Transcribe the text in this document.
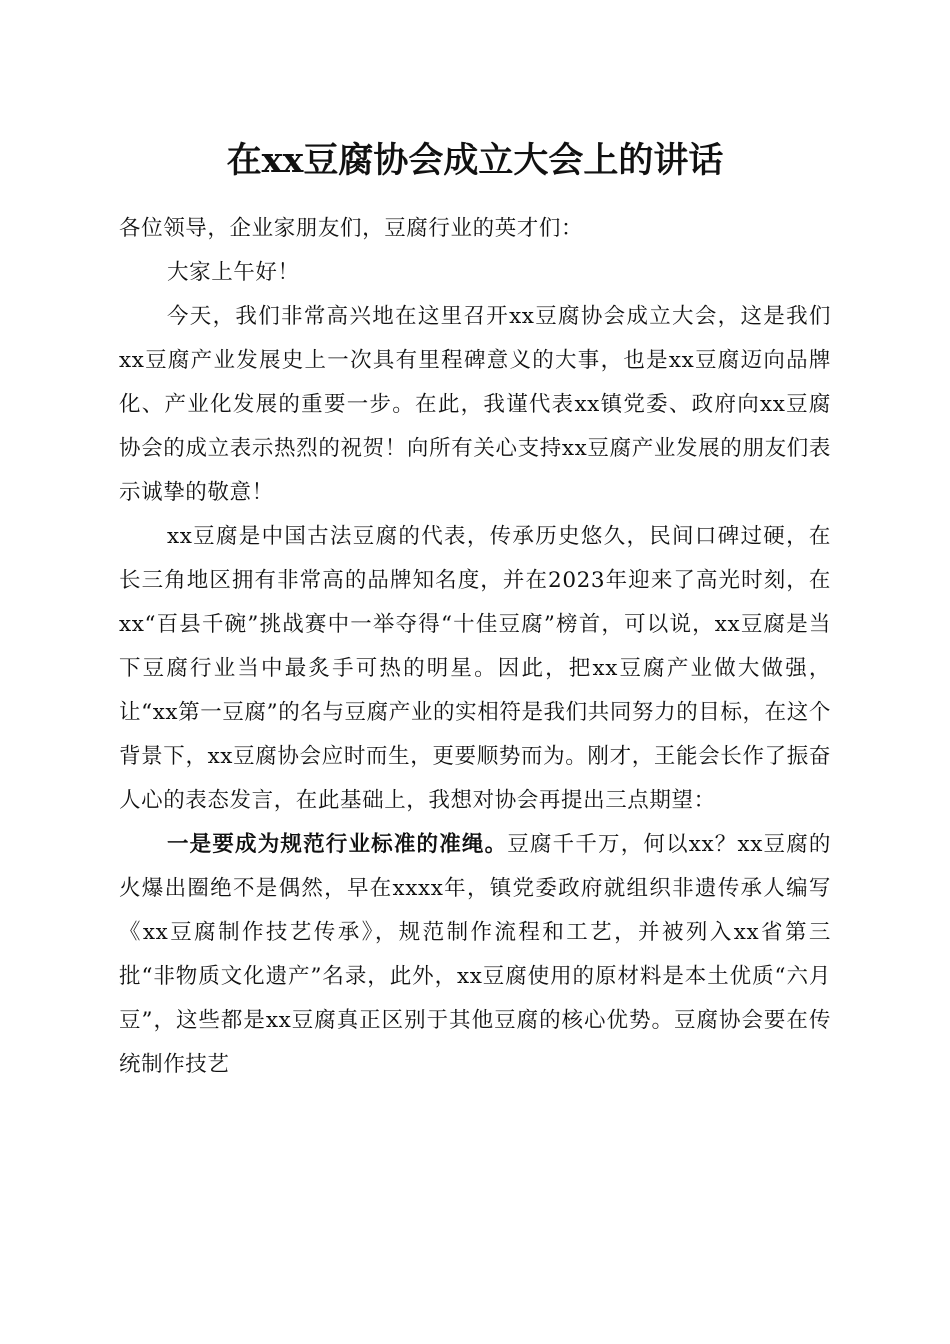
在xx豆腐协会成立大会上的讲话

各位领导，企业家朋友们，豆腐行业的英才们：

大家上午好！

今天，我们非常高兴地在这里召开xx豆腐协会成立大会，这是我们xx豆腐产业发展史上一次具有里程碑意义的大事，也是xx豆腐迈向品牌化、产业化发展的重要一步。在此，我谨代表xx镇党委、政府向xx豆腐协会的成立表示热烈的祝贺！向所有关心支持xx豆腐产业发展的朋友们表示诚挚的敬意！

xx豆腐是中国古法豆腐的代表，传承历史悠久，民间口碑过硬，在长三角地区拥有非常高的品牌知名度，并在2023年迎来了高光时刻，在xx“百县千碗”挑战赛中一举夺得“十佳豆腐”榜首，可以说，xx豆腐是当下豆腐行业当中最炙手可热的明星。因此，把xx豆腐产业做大做强，让“xx第一豆腐”的名与豆腐产业的实相符是我们共同努力的目标，在这个背景下，xx豆腐协会应时而生，更要顺势而为。刚才，王能会长作了振奋人心的表态发言，在此基础上，我想对协会再提出三点期望：

一是要成为规范行业标准的准绳。豆腐千千万，何以xx？xx豆腐的火爆出圈绝不是偶然，早在xxxx年，镇党委政府就组织非遗传承人编写《xx豆腐制作技艺传承》，规范制作流程和工艺，并被列入xx省第三批“非物质文化遗产”名录，此外，xx豆腐使用的原材料是本土优质“六月豆”，这些都是xx豆腐真正区别于其他豆腐的核心优势。豆腐协会要在传统制作技艺
